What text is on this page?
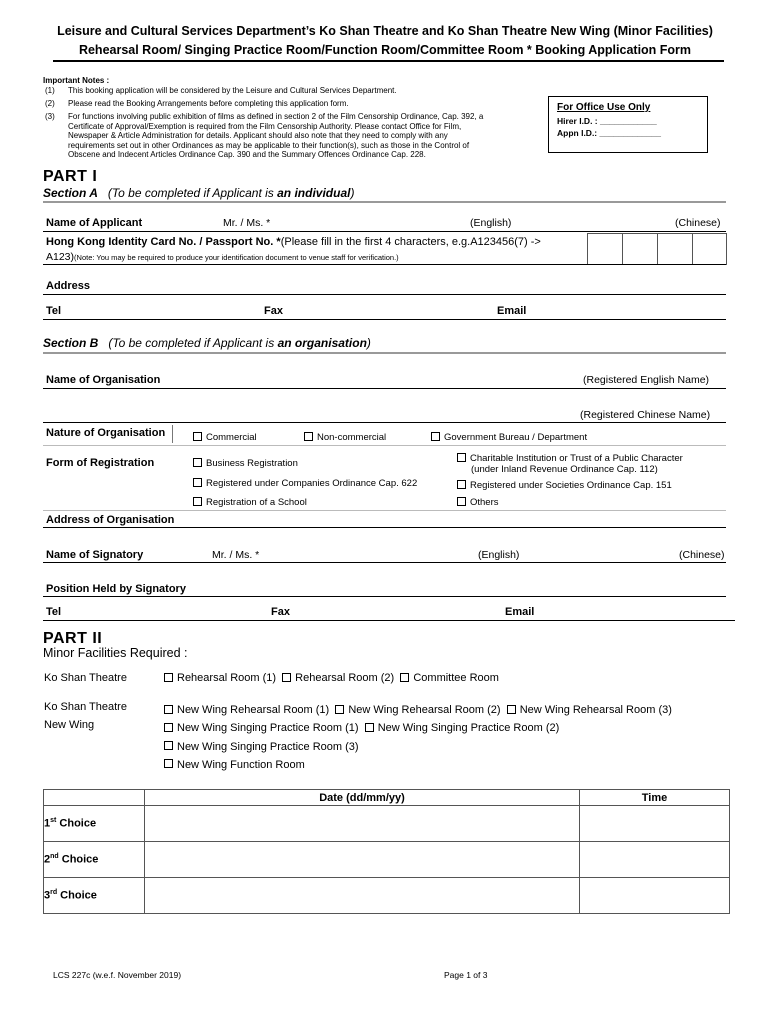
Leisure and Cultural Services Department’s Ko Shan Theatre and Ko Shan Theatre New Wing (Minor Facilities)
Rehearsal Room/ Singing Practice Room/Function Room/Committee Room * Booking Application Form
Important Notes :
(1) This booking application will be considered by the Leisure and Cultural Services Department.
(2) Please read the Booking Arrangements before completing this application form.
(3) For functions involving public exhibition of films as defined in section 2 of the Film Censorship Ordinance, Cap. 392, a
Certificate of Approval/Exemption is required from the Film Censorship Authority. Please contact Office for Film,
Newspaper & Article Administration for details. Applicant should also note that they need to comply with any
requirements set out in other Ordinances as may be applicable to their function(s), such as those in the Control of
Obscene and Indecent Articles Ordinance Cap. 390 and the Summary Offences Ordinance Cap. 228.
For Office Use Only
Hirer I.D. : ____________
Appn I.D.: _____________
PART I
Section A (To be completed if Applicant is an individual)
Name of Applicant	Mr. / Ms. *	(English)	(Chinese)
Hong Kong Identity Card No. / Passport No. *(Please fill in the first 4 characters, e.g.A123456(7) ->
A123)(Note: You may be required to produce your identification document to venue staff for verification.)
Address
Tel	Fax	Email
Section B (To be completed if Applicant is an organisation)
Name of Organisation	(Registered English Name)
(Registered Chinese Name)
Nature of Organisation	Commercial	Non-commercial	Government Bureau / Department
Form of Registration	Business Registration	Charitable Institution or Trust of a Public Character
(under Inland Revenue Ordinance Cap. 112)
Registered under Companies Ordinance Cap. 622	Registered under Societies Ordinance Cap. 151
Registration of a School	Others
Address of Organisation
Name of Signatory	Mr. / Ms. *	(English)	(Chinese)
Position Held by Signatory
Tel	Fax	Email
PART II
Minor Facilities Required :
Ko Shan Theatre	Rehearsal Room (1) Rehearsal Room (2) Committee Room
Ko Shan Theatre
New Wing
New Wing Rehearsal Room (1) New Wing Rehearsal Room (2) New Wing Rehearsal Room (3)
New Wing Singing Practice Room (1) New Wing Singing Practice Room (2)
New Wing Singing Practice Room (3)
New Wing Function Room
	Date (dd/mm/yy)	Time
1st Choice		
2nd Choice		
3rd Choice		
LCS 227c (w.e.f. November 2019)	Page 1 of 3
